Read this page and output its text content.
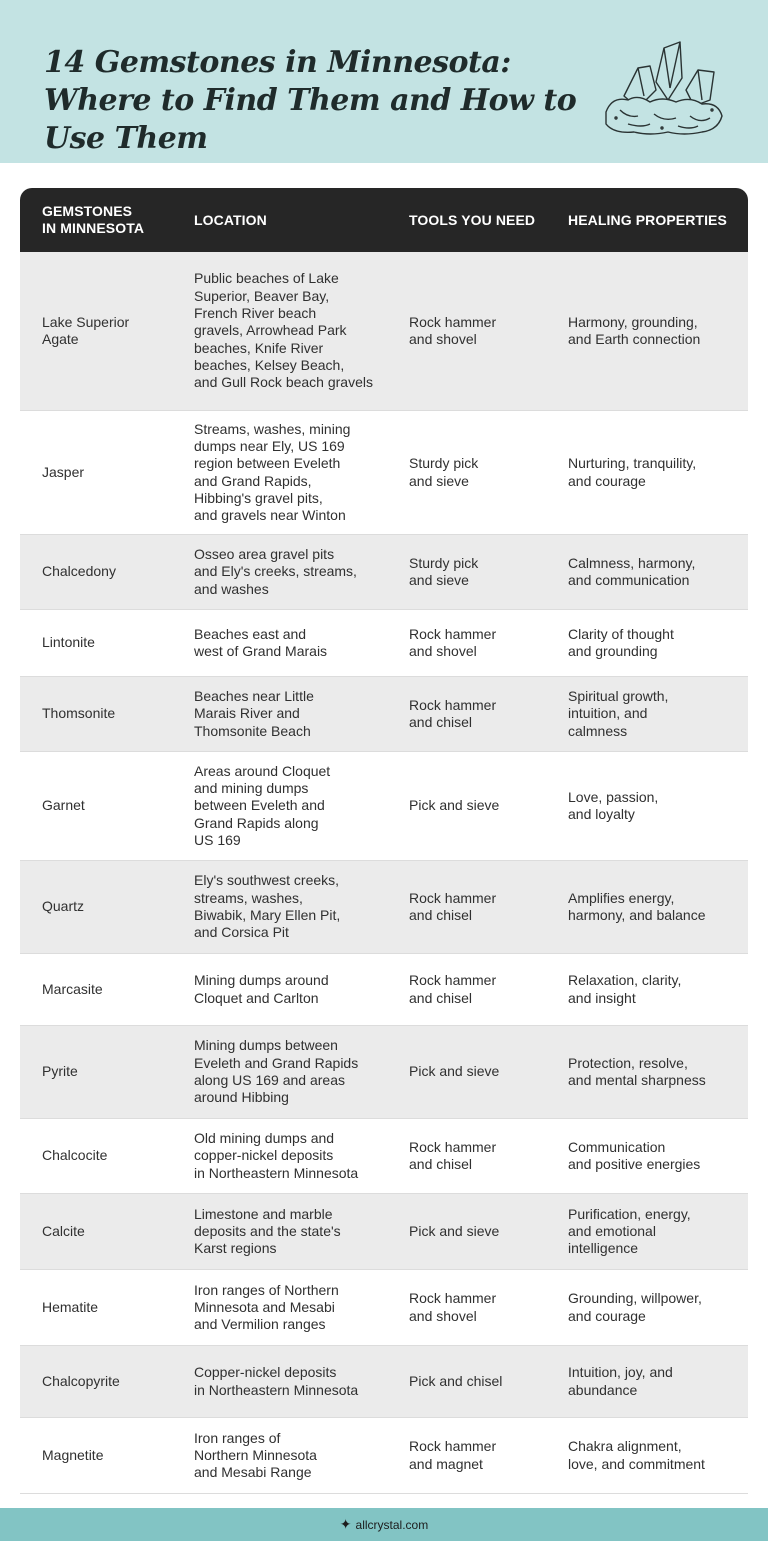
14 Gemstones in Minnesota: Where to Find Them and How to Use Them
GEMSTONES
IN MINNESOTA
LOCATION	TOOLS YOU NEED	HEALING PROPERTIES
Lake Superior
Agate
Public beaches of Lake
Superior, Beaver Bay,
French River beach
gravels, Arrowhead Park
beaches, Knife River
beaches, Kelsey Beach,
and Gull Rock beach gravels
Rock hammer
and shovel
Harmony, grounding,
and Earth connection
Jasper
Streams, washes, mining
dumps near Ely, US 169
region between Eveleth
and Grand Rapids,
Hibbing's gravel pits,
and gravels near Winton
Sturdy pick
and sieve
Nurturing, tranquility,
and courage
Chalcedony
Osseo area gravel pits
and Ely's creeks, streams,
and washes
Sturdy pick
and sieve
Calmness, harmony,
and communication
Lintonite
Beaches east and
west of Grand Marais
Rock hammer
and shovel
Clarity of thought
and grounding
Thomsonite
Beaches near Little
Marais River and
Thomsonite Beach
Rock hammer
and chisel
Spiritual growth,
intuition, and
calmness
Garnet
Areas around Cloquet
and mining dumps
between Eveleth and
Grand Rapids along
US 169
Pick and sieve
Love, passion,
and loyalty
Quartz
Ely's southwest creeks,
streams, washes,
Biwabik, Mary Ellen Pit,
and Corsica Pit
Rock hammer
and chisel
Amplifies energy,
harmony, and balance
Marcasite
Mining dumps around
Cloquet and Carlton
Rock hammer
and chisel
Relaxation, clarity,
and insight
Pyrite
Mining dumps between
Eveleth and Grand Rapids
along US 169 and areas
around Hibbing
Pick and sieve
Protection, resolve,
and mental sharpness
Chalcocite
Old mining dumps and
copper-nickel deposits
in Northeastern Minnesota
Rock hammer
and chisel
Communication
and positive energies
Calcite
Limestone and marble
deposits and the state's
Karst regions
Pick and sieve
Purification, energy,
and emotional
intelligence
Hematite
Iron ranges of Northern
Minnesota and Mesabi
and Vermilion ranges
Rock hammer
and shovel
Grounding, willpower,
and courage
Chalcopyrite
Copper-nickel deposits
in Northeastern Minnesota
Pick and chisel
Intuition, joy, and
abundance
Magnetite
Iron ranges of
Northern Minnesota
and Mesabi Range
Rock hammer
and magnet
Chakra alignment,
love, and commitment
✦ allcrystal.com
